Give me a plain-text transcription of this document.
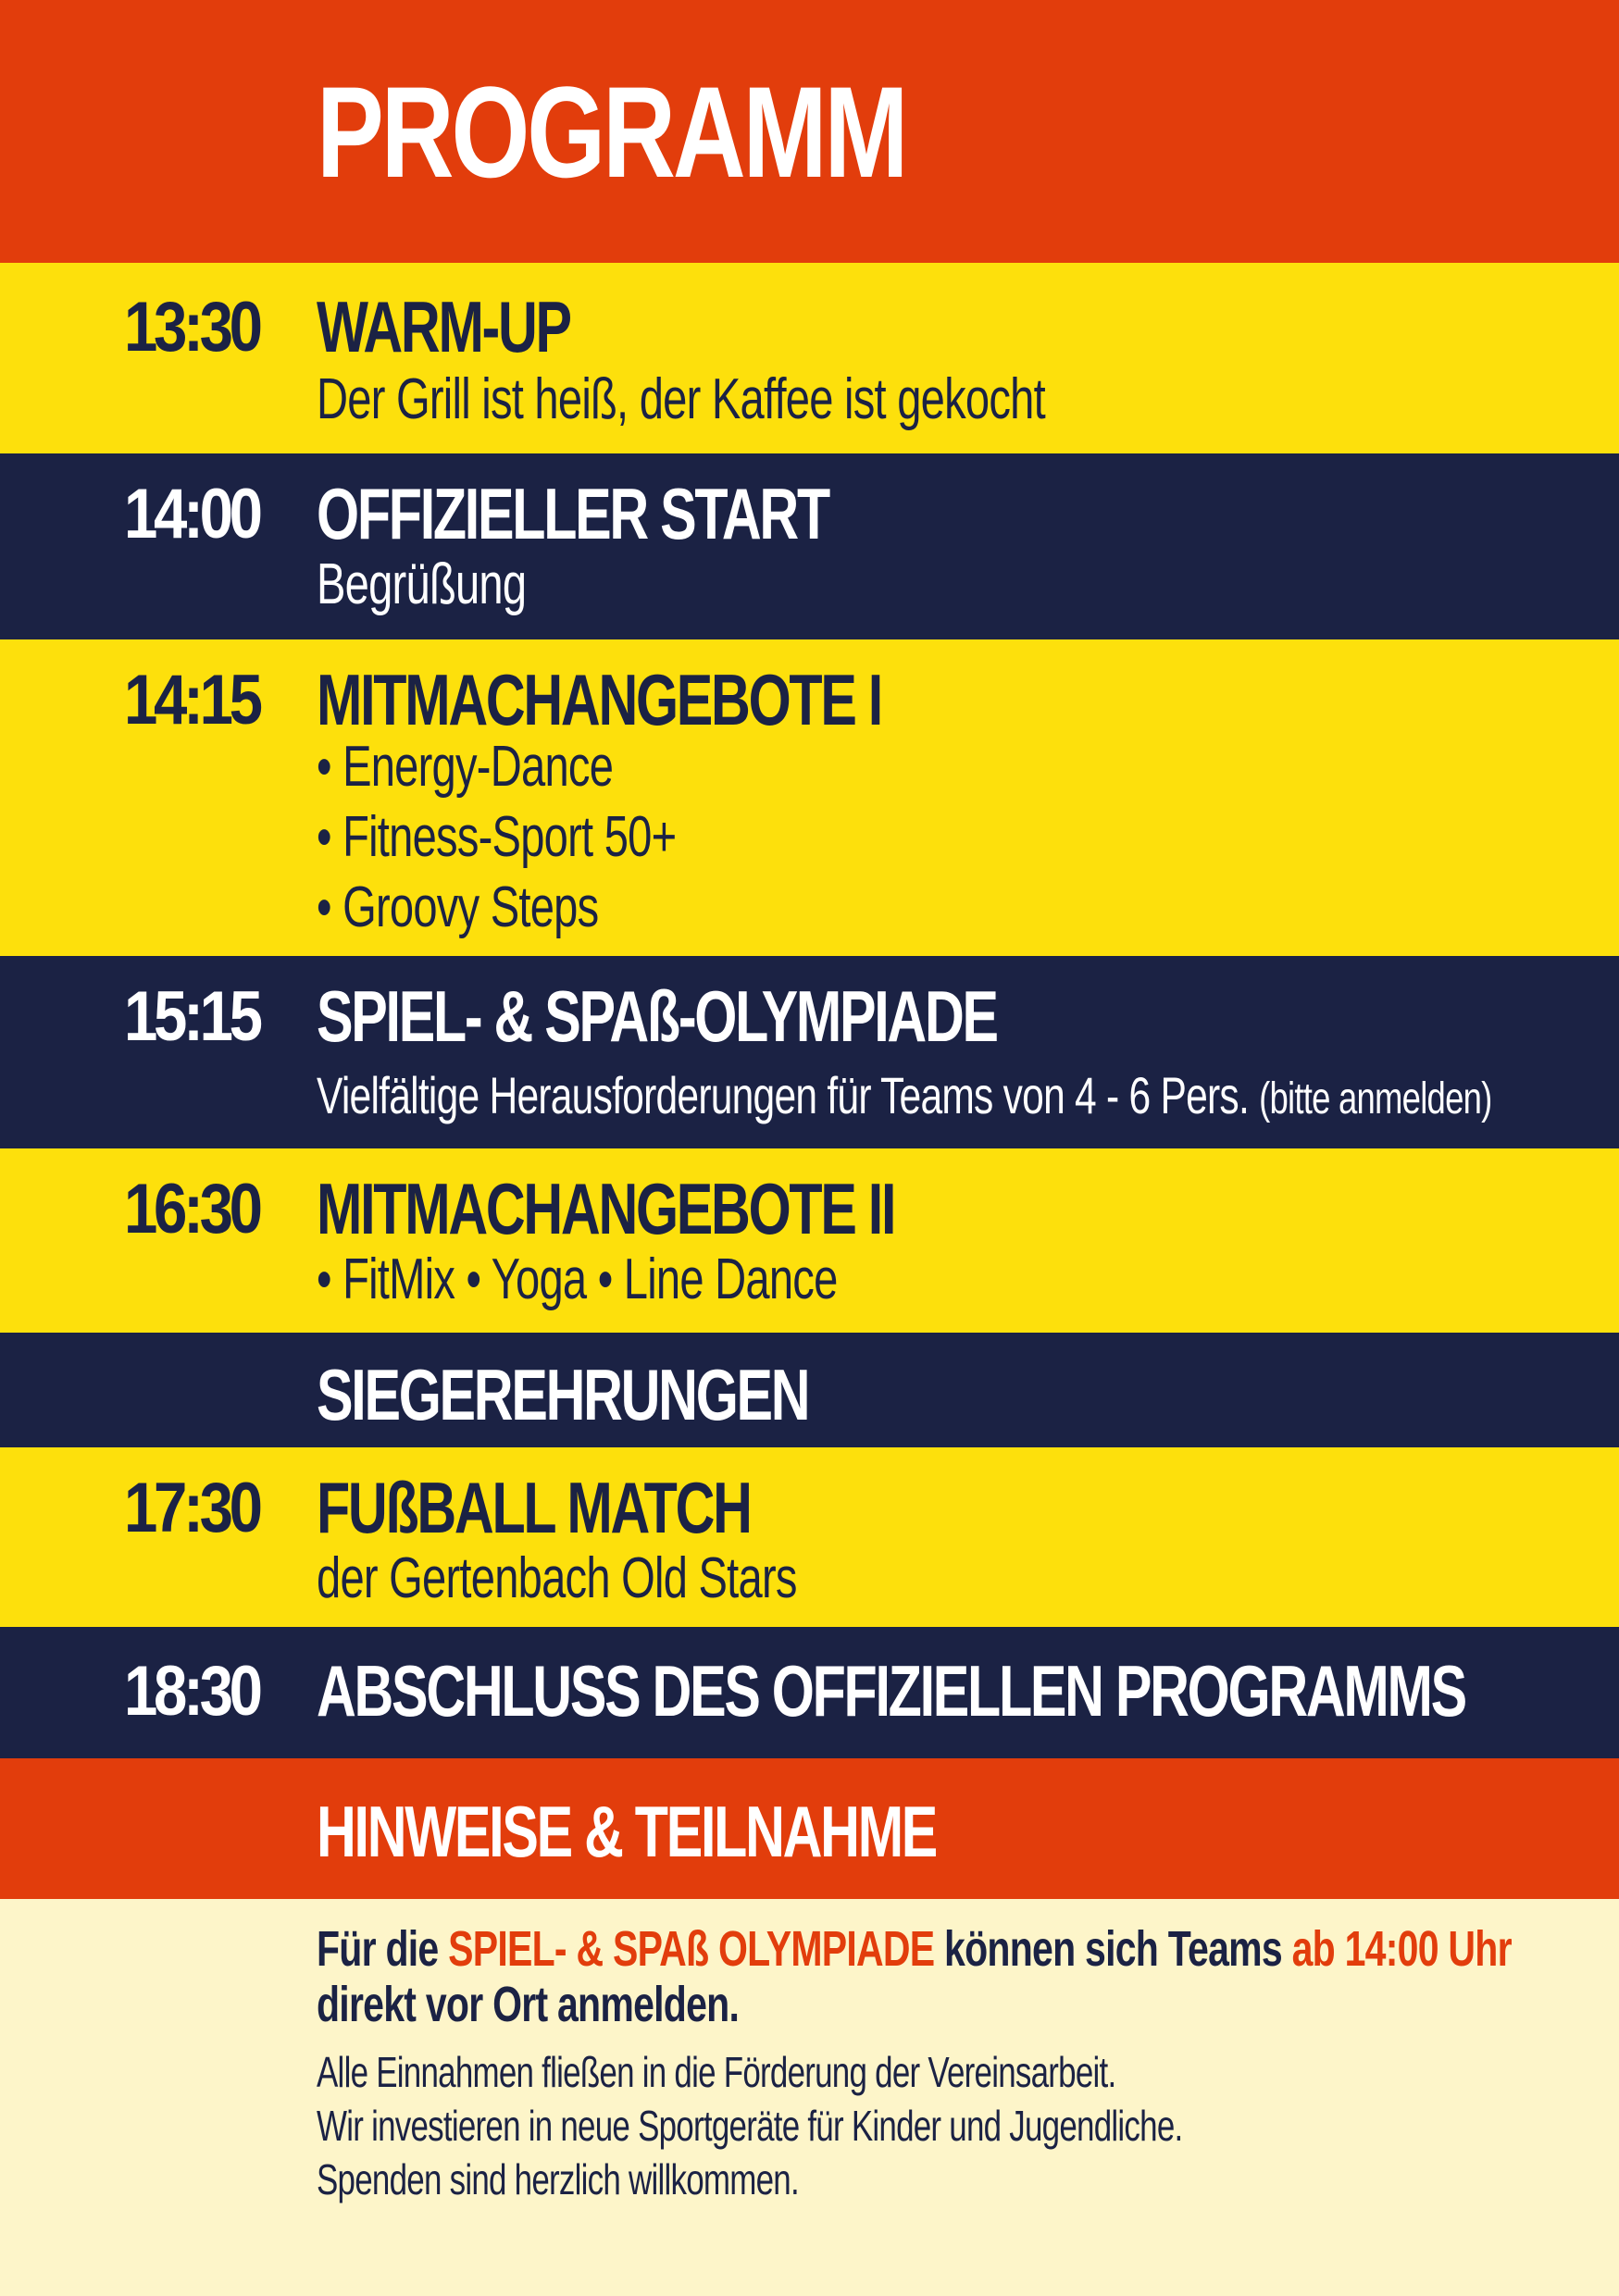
PROGRAMM
13:30 WARM-UP
Der Grill ist heiß, der Kaffee ist gekocht
14:00 OFFIZIELLER START
Begrüßung
14:15 MITMACHANGEBOTE I
• Energy-Dance
• Fitness-Sport 50+
• Groovy Steps
15:15 SPIEL- & SPAß-OLYMPIADE
Vielfältige Herausforderungen für Teams von 4 - 6 Pers. (bitte anmelden)
16:30 MITMACHANGEBOTE II
• FitMix • Yoga • Line Dance
SIEGEREHRUNGEN
17:30 FUßBALL MATCH
der Gertenbach Old Stars
18:30 ABSCHLUSS DES OFFIZIELLEN PROGRAMMS
HINWEISE & TEILNAHME
Für die SPIEL- & SPAß OLYMPIADE können sich Teams ab 14:00 Uhr
direkt vor Ort anmelden.
Alle Einnahmen fließen in die Förderung der Vereinsarbeit.
Wir investieren in neue Sportgeräte für Kinder und Jugendliche.
Spenden sind herzlich willkommen.
